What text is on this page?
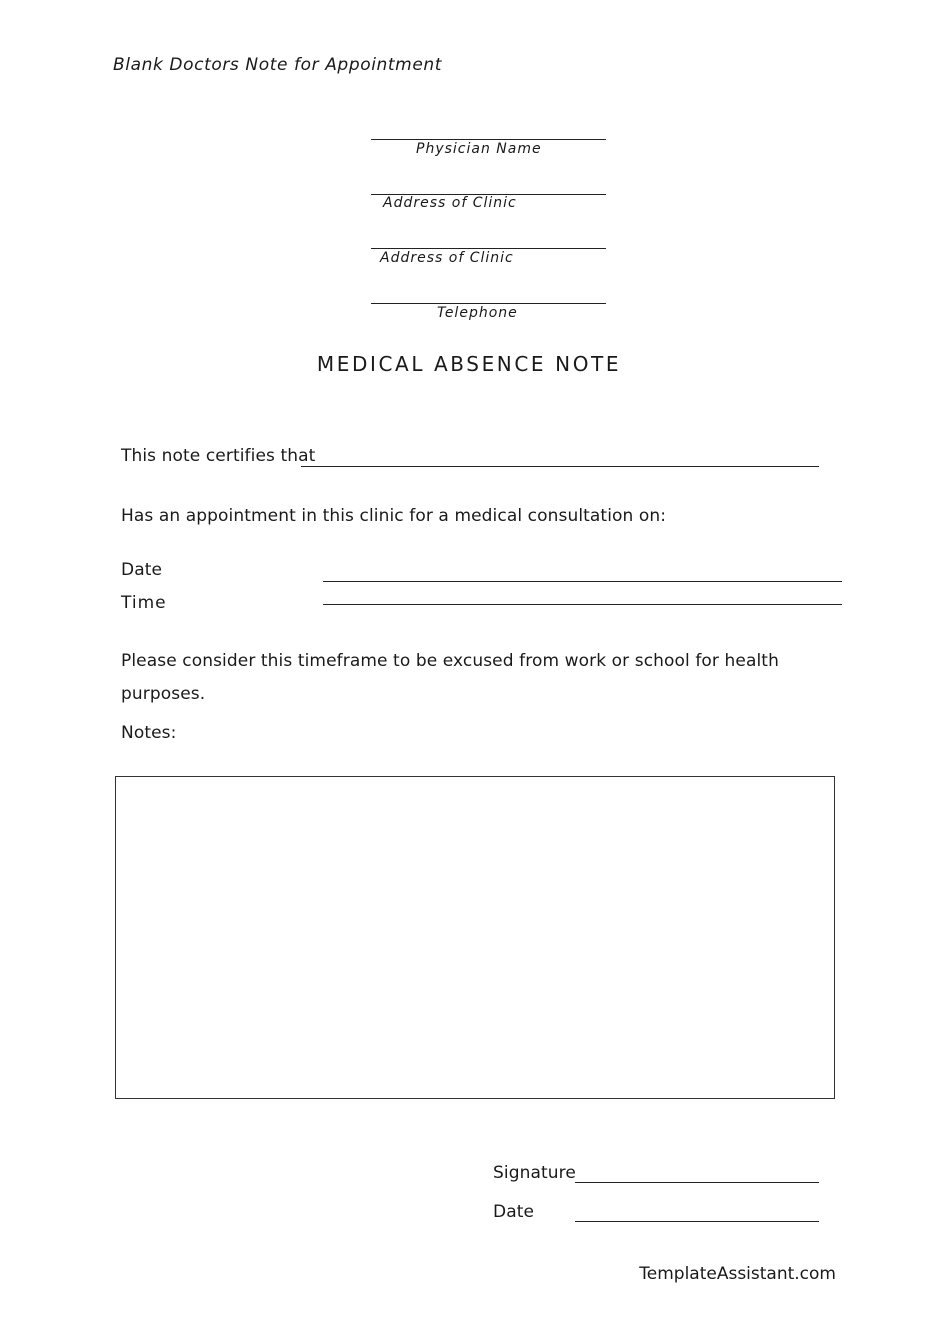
Blank Doctors Note for Appointment
Physician Name
Address of Clinic
Address of Clinic
Telephone
MEDICAL ABSENCE NOTE
This note certifies that
Has an appointment in this clinic for a medical consultation on:
Date
Time
Please consider this timeframe to be excused from work or school for health
purposes.
Notes:
Signature
Date
TemplateAssistant.com
